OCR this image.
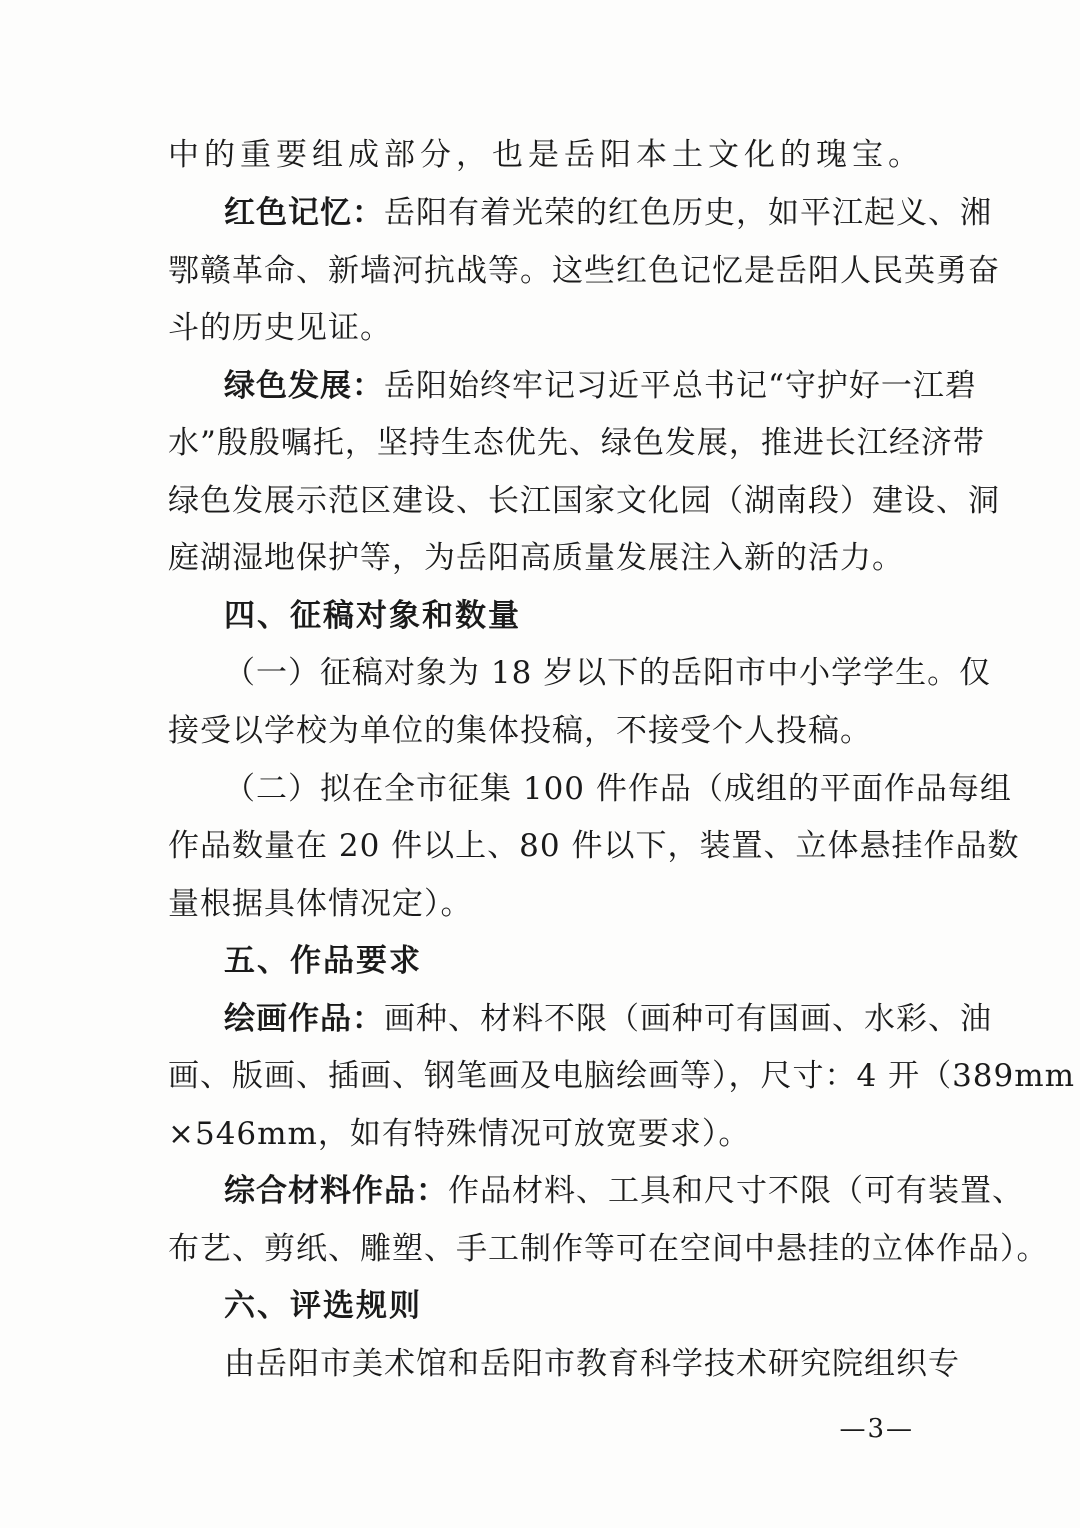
中的重要组成部分，也是岳阳本土文化的瑰宝。
红色记忆：岳阳有着光荣的红色历史，如平江起义、湘
鄂赣革命、新墙河抗战等。这些红色记忆是岳阳人民英勇奋
斗的历史见证。
绿色发展：岳阳始终牢记习近平总书记“守护好一江碧
水”殷殷嘱托，坚持生态优先、绿色发展，推进长江经济带
绿色发展示范区建设、长江国家文化园（湖南段）建设、洞
庭湖湿地保护等，为岳阳高质量发展注入新的活力。
四、征稿对象和数量
（一）征稿对象为 18 岁以下的岳阳市中小学学生。仅
接受以学校为单位的集体投稿，不接受个人投稿。
（二）拟在全市征集 100 件作品（成组的平面作品每组
作品数量在 20 件以上、80 件以下，装置、立体悬挂作品数
量根据具体情况定）。
五、作品要求
绘画作品：画种、材料不限（画种可有国画、水彩、油
画、版画、插画、钢笔画及电脑绘画等），尺寸：4 开（389mm
×546mm，如有特殊情况可放宽要求）。
综合材料作品：作品材料、工具和尺寸不限（可有装置、
布艺、剪纸、雕塑、手工制作等可在空间中悬挂的立体作品）。
六、评选规则
由岳阳市美术馆和岳阳市教育科学技术研究院组织专
—3—
